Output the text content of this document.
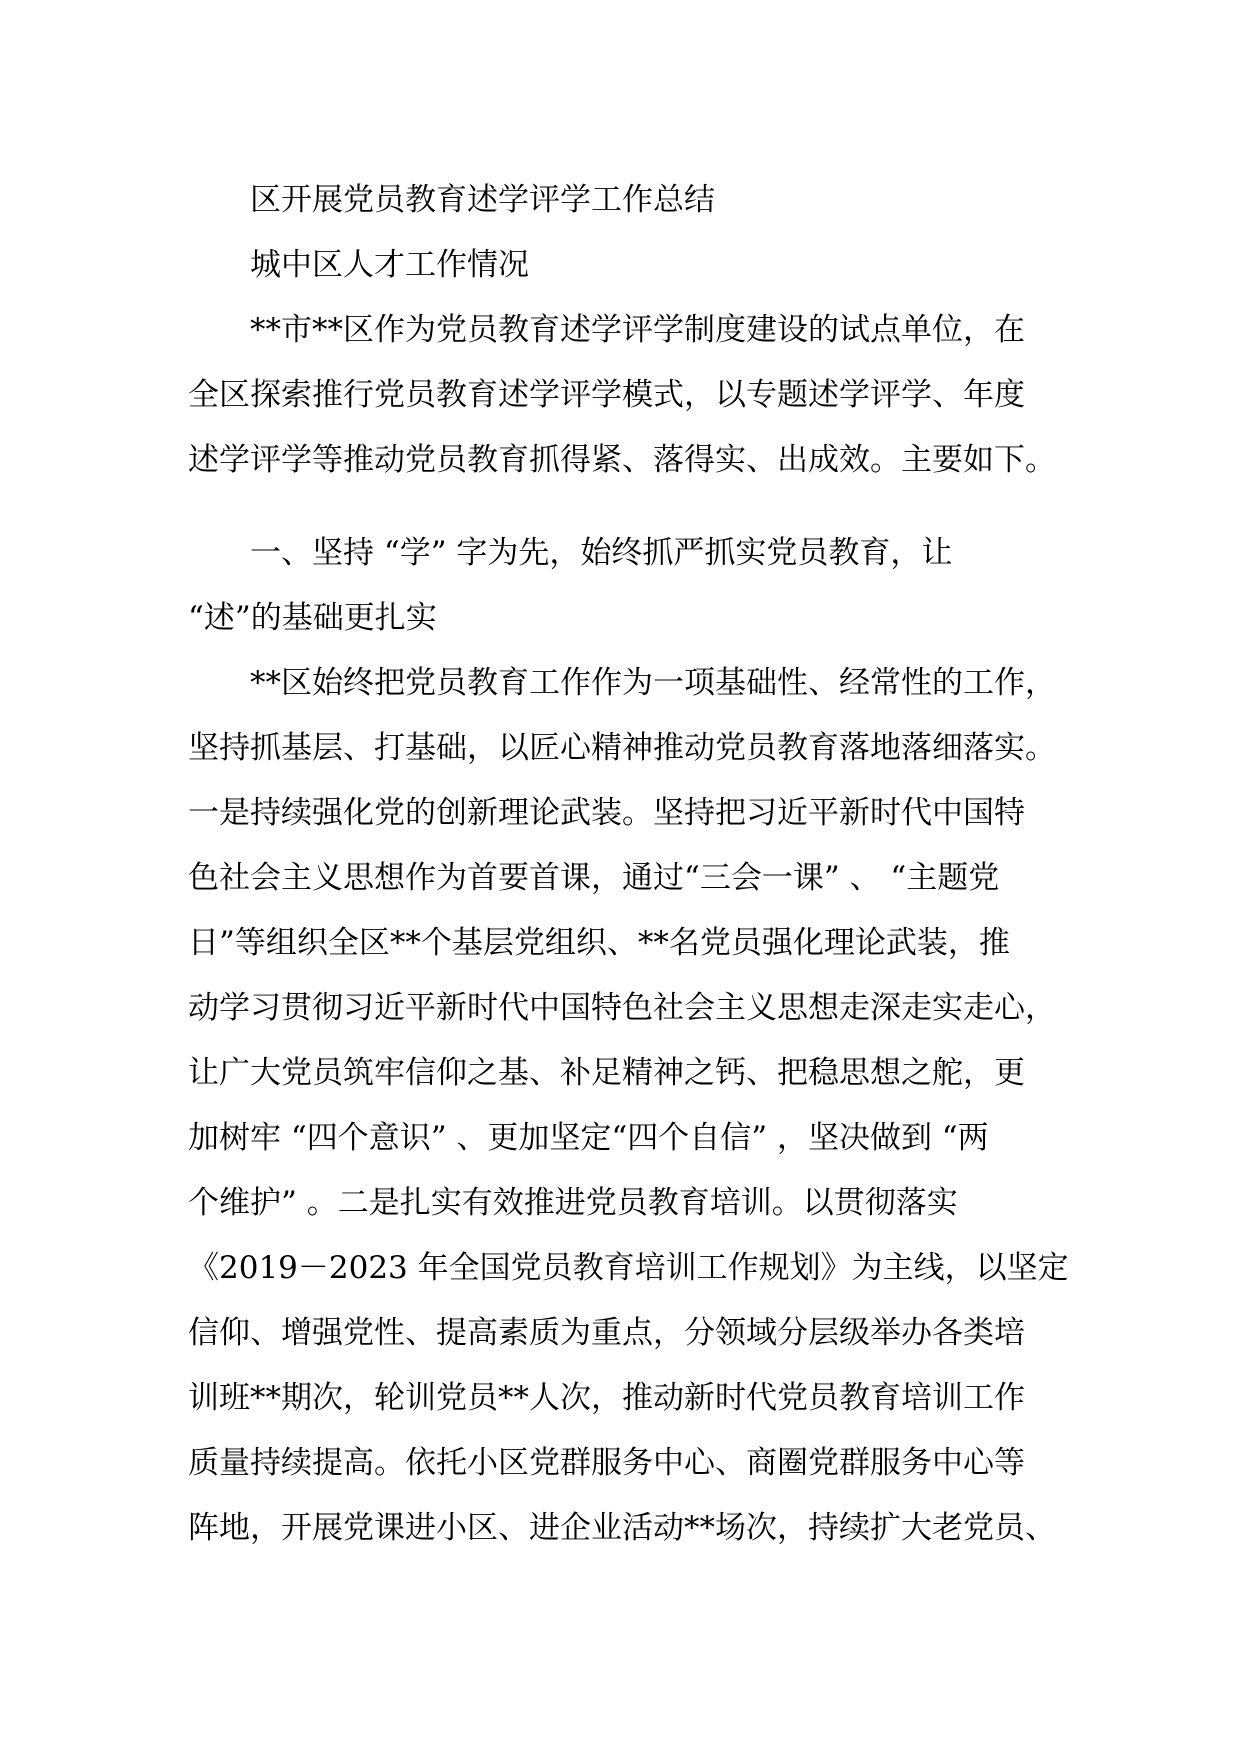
区开展党员教育述学评学工作总结
城中区人才工作情况
**市**区作为党员教育述学评学制度建设的试点单位，在
全区探索推行党员教育述学评学模式，以专题述学评学、年度
述学评学等推动党员教育抓得紧、落得实、出成效。主要如下。
一、坚持 “学” 字为先，始终抓严抓实党员教育，让
“述”的基础更扎实
**区始终把党员教育工作作为一项基础性、经常性的工作，
坚持抓基层、打基础，以匠心精神推动党员教育落地落细落实。
一是持续强化党的创新理论武装。坚持把习近平新时代中国特
色社会主义思想作为首要首课，通过“三会一课” 、 “主题党
日”等组织全区**个基层党组织、**名党员强化理论武装，推
动学习贯彻习近平新时代中国特色社会主义思想走深走实走心，
让广大党员筑牢信仰之基、补足精神之钙、把稳思想之舵，更
加树牢 “四个意识” 、更加坚定“四个自信” ，坚决做到 “两
个维护” 。二是扎实有效推进党员教育培训。以贯彻落实
《2019－2023 年全国党员教育培训工作规划》为主线，以坚定
信仰、增强党性、提高素质为重点，分领域分层级举办各类培
训班**期次，轮训党员**人次，推动新时代党员教育培训工作
质量持续提高。依托小区党群服务中心、商圈党群服务中心等
阵地，开展党课进小区、进企业活动**场次，持续扩大老党员、
